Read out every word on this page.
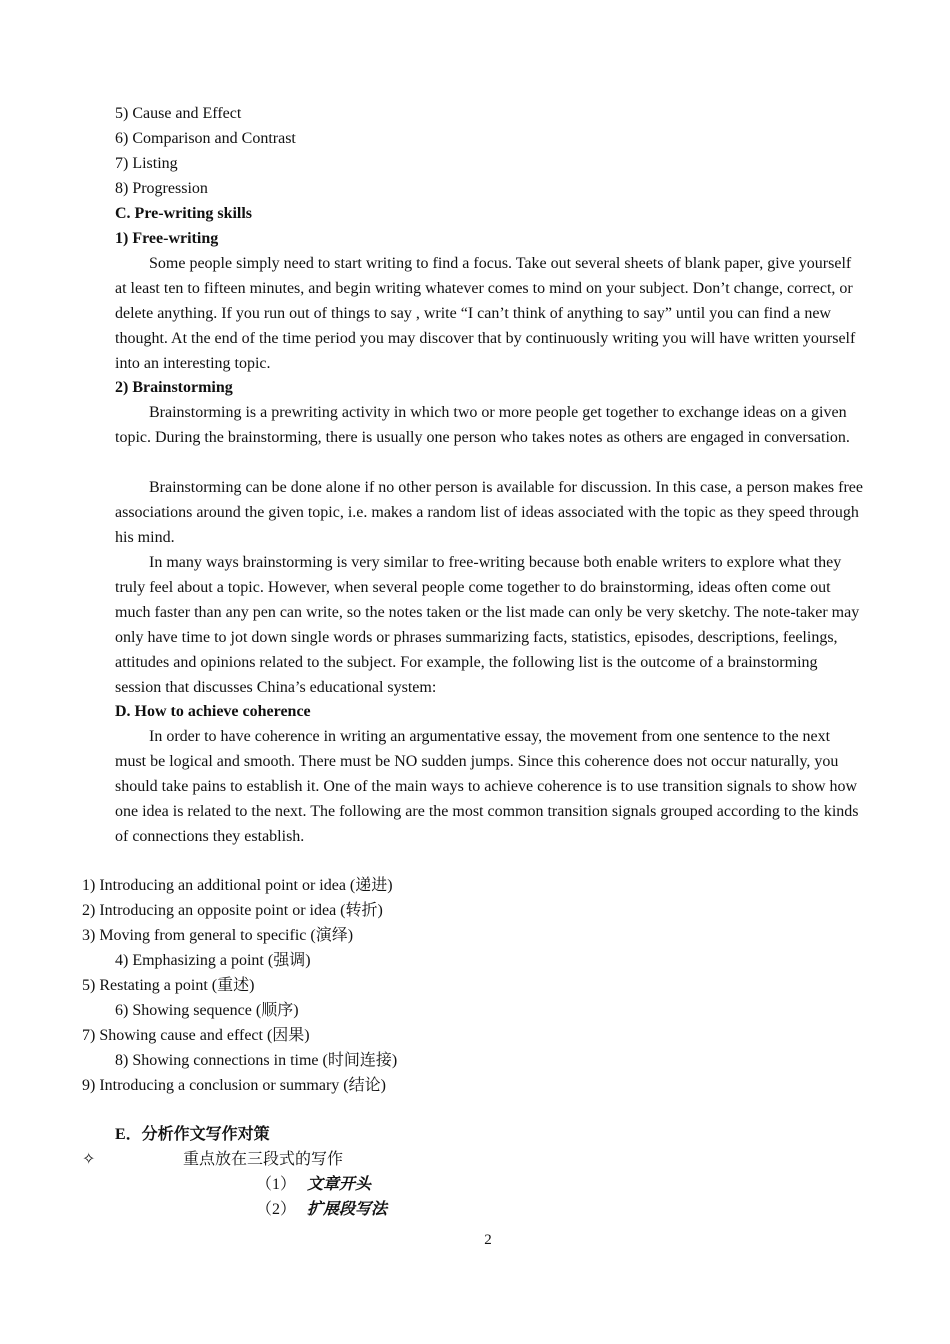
5) Cause and Effect
6) Comparison and Contrast
7) Listing
8) Progression
C. Pre-writing skills
1) Free-writing
Some people simply need to start writing to find a focus. Take out several sheets of blank paper, give yourself at least ten to fifteen minutes, and begin writing whatever comes to mind on your subject. Don’t change, correct, or delete anything. If you run out of things to say , write “I can’t think of anything to say” until you can find a new thought. At the end of the time period you may discover that by continuously writing you will have written yourself into an interesting topic.
2) Brainstorming
Brainstorming is a prewriting activity in which two or more people get together to exchange ideas on a given topic. During the brainstorming, there is usually one person who takes notes as others are engaged in conversation.
Brainstorming can be done alone if no other person is available for discussion. In this case, a person makes free associations around the given topic, i.e. makes a random list of ideas associated with the topic as they speed through his mind.
In many ways brainstorming is very similar to free-writing because both enable writers to explore what they truly feel about a topic. However, when several people come together to do brainstorming, ideas often come out much faster than any pen can write, so the notes taken or the list made can only be very sketchy. The note-taker may only have time to jot down single words or phrases summarizing facts, statistics, episodes, descriptions, feelings, attitudes and opinions related to the subject. For example, the following list is the outcome of a brainstorming session that discusses China’s educational system:
D. How to achieve coherence
In order to have coherence in writing an argumentative essay, the movement from one sentence to the next must be logical and smooth. There must be NO sudden jumps. Since this coherence does not occur naturally, you should take pains to establish it. One of the main ways to achieve coherence is to use transition signals to show how one idea is related to the next. The following are the most common transition signals grouped according to the kinds of connections they establish.
1) Introducing an additional point or idea (递进)
2) Introducing an opposite point or idea (转折)
3) Moving from general to specific (演绎)
4) Emphasizing a point (强调)
5) Restating a point (重述)
6) Showing sequence (顺序)
7) Showing cause and effect (因果)
8) Showing connections in time (时间连接)
9) Introducing a conclusion or summary (结论)
E．分析作文写作对策
✧	重点放在三段式的写作
（1） 文章开头
（2） 扩展段写法
2
